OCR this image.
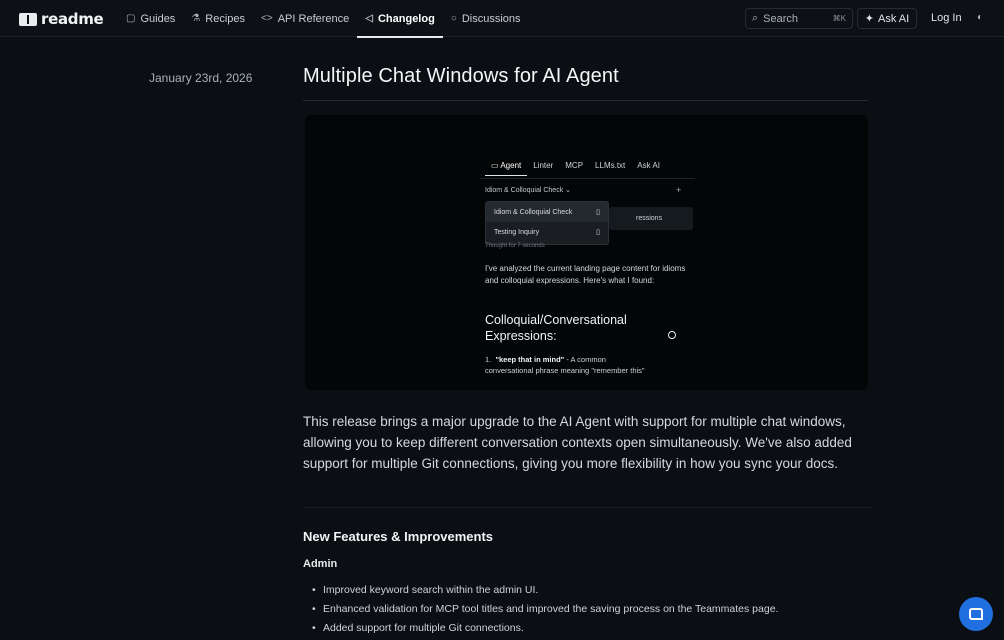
readme ▢ Guides ⚗ Recipes <> API Reference ◁ Changelog ○ Discussions	⌕ Search	⌘K ✦ Ask AI Log In ◐
January 23rd, 2026	Multiple Chat Windows for AI Agent
▭ Agent	Linter	MCP	LLMs.txt	Ask AI
Idiom & Colloquial Check ⌄	+
ressions
Idiom & Colloquial Check	▯
Testing Inquiry	▯
Thought for 7 seconds

I've analyzed the current landing page content for idioms and colloquial expressions. Here's what I found:

Colloquial/Conversational Expressions:

1.  "keep that in mind" - A common conversational phrase meaning "remember this"

This release brings a major upgrade to the AI Agent with support for multiple chat windows, allowing you to keep different conversation contexts open simultaneously. We've also added support for multiple Git connections, giving you more flexibility in how you sync your docs.

New Features & Improvements
Admin
• Improved keyword search within the admin UI.
• Enhanced validation for MCP tool titles and improved the saving process on the Teammates page.
• Added support for multiple Git connections.
